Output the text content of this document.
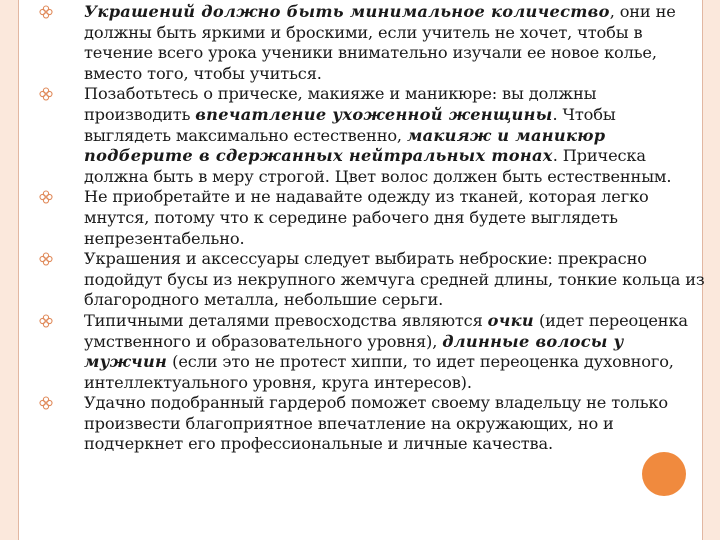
Украшений должно быть минимальное количество, они не должны быть яркими и броскими, если учитель не хочет, чтобы в течение всего урока ученики внимательно изучали ее новое колье, вместо того, чтобы учиться.
Позаботьтесь о прическе, макияже и маникюре: вы должны производить впечатление ухоженной женщины. Чтобы выглядеть максимально естественно, макияж и маникюр подберите в сдержанных нейтральных тонах. Прическа должна быть в меру строгой. Цвет волос должен быть естественным.
Не приобретайте и не надавайте одежду из тканей, которая легко мнутся, потому что к середине рабочего дня будете выглядеть непрезентабельно.
Украшения и аксессуары следует выбирать неброские: прекрасно подойдут бусы из некрупного жемчуга средней длины, тонкие кольца из благородного металла, небольшие серьги.
Типичными деталями превосходства являются очки (идет переоценка умственного и образовательного уровня), длинные волосы у мужчин (если это не протест хиппи, то идет переоценка духовного, интеллектуального уровня, круга интересов).
Удачно подобранный гардероб поможет своему владельцу не только произвести благоприятное впечатление на окружающих, но и подчеркнет его профессиональные и личные качества.
